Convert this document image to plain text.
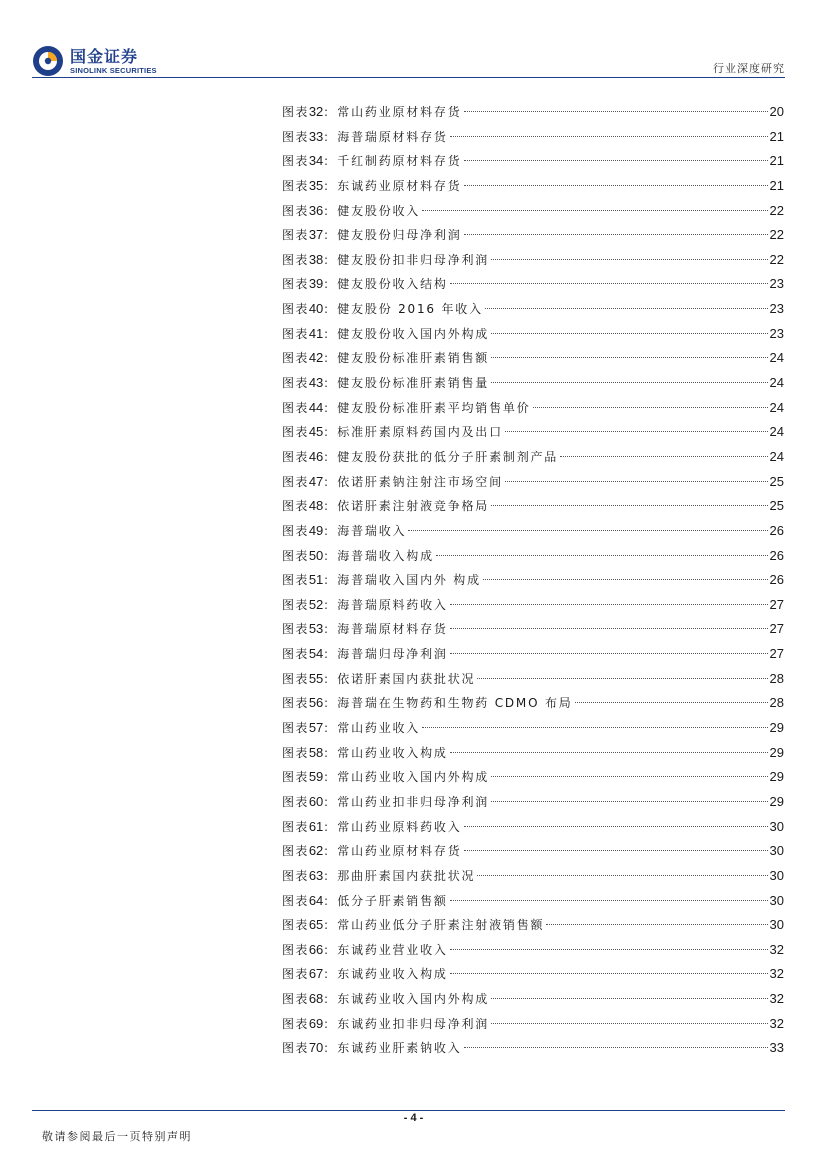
国金证券
SINOLINK SECURITIES	行业深度研究
图表 32 ： 常山药业原材料存货	20
图表 33 ： 海普瑞原材料存货	21
图表 34 ： 千红制药原材料存货	21
图表 35 ： 东诚药业原材料存货	21
图表 36 ： 健友股份收入	22
图表 37 ： 健友股份归母净利润	22
图表 38 ： 健友股份扣非归母净利润	22
图表 39 ： 健友股份收入结构	23
图表 40 ： 健友股份 2016 年收入	23
图表 41 ： 健友股份收入国内外构成	23
图表 42 ： 健友股份标准肝素销售额	24
图表 43 ： 健友股份标准肝素销售量	24
图表 44 ： 健友股份标准肝素平均销售单价	24
图表 45 ： 标准肝素原料药国内及出口	24
图表 46 ： 健友股份获批的低分子肝素制剂产品	24
图表 47 ： 依诺肝素钠注射注市场空间	25
图表 48 ： 依诺肝素注射液竞争格局	25
图表 49 ： 海普瑞收入	26
图表 50 ： 海普瑞收入构成	26
图表 51 ： 海普瑞收入国内外 构成	26
图表 52 ： 海普瑞原料药收入	27
图表 53 ： 海普瑞原材料存货	27
图表 54 ： 海普瑞归母净利润	27
图表 55 ： 依诺肝素国内获批状况	28
图表 56 ： 海普瑞在生物药和生物药 CDMO 布局	28
图表 57 ： 常山药业收入	29
图表 58 ： 常山药业收入构成	29
图表 59 ： 常山药业收入国内外构成	29
图表 60 ： 常山药业扣非归母净利润	29
图表 61 ： 常山药业原料药收入	30
图表 62 ： 常山药业原材料存货	30
图表 63 ： 那曲肝素国内获批状况	30
图表 64 ： 低分子肝素销售额	30
图表 65 ： 常山药业低分子肝素注射液销售额	30
图表 66 ： 东诚药业营业收入	32
图表 67 ： 东诚药业收入构成	32
图表 68 ： 东诚药业收入国内外构成	32
图表 69 ： 东诚药业扣非归母净利润	32
图表 70 ： 东诚药业肝素钠收入	33
- 4 -
敬请参阅最后一页特别声明
